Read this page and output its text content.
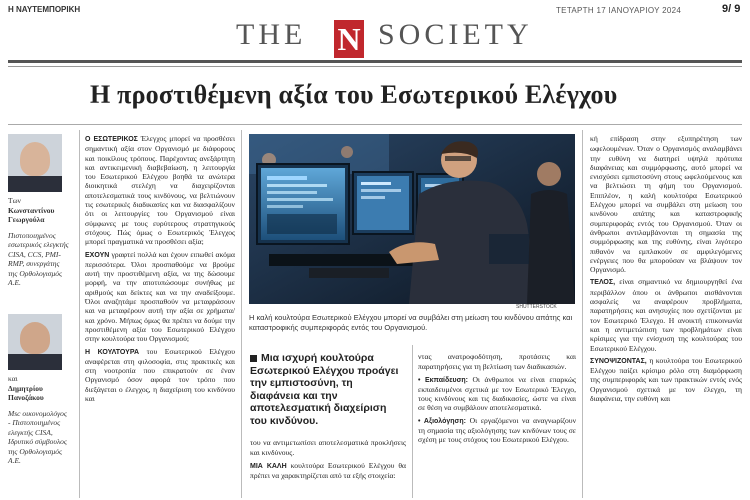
Η ΝΑΥΤΕΜΠΟΡΙΚΗ	ΤΕΤΑΡΤΗ 17 ΙΑΝΟΥΑΡΙΟΥ 2024	9/ 9
THE N SOCIETY
Η προστιθέμενη αξία του Εσωτερικού Ελέγχου
Των
Κωνσταντίνου Γεωργούλα
Πιστοποιημένος εσωτερικός ελεγκτής CISA, CCS, PMI-RMP, συνεργάτης της Ορθολογισμός Α.Ε.
και
Δημητρίου Πανοζάκου
Msc οικονομολόγος - Πιστοποιημένος ελεγκτής CISA, Ιδρυτικό σύμβουλος της Ορθολογισμός Α.Ε.

Ο ΕΣΩΤΕΡΙΚΟΣ Έλεγχος μπορεί να προσθέσει σημαντική αξία στον Οργανισμό με διάφορους και ποικίλους τρόπους. Παρέχοντας ανεξάρτητη και αντικειμενική διαβεβαίωση, η λειτουργία του Εσωτερικού Ελέγχου βοηθά τα ανώτερα διοικητικά στελέχη να διαχειρίζονται αποτελεσματικά τους κινδύνους, να βελτιώνουν τις εσωτερικές διαδικασίες και να διασφαλίζουν ότι οι λειτουργίες του Οργανισμού είναι σύμφωνες με τους ευρύτερους στρατηγικούς στόχους. Πώς όμως ο Εσωτερικός Έλεγχος μπορεί πραγματικά να προσθέσει αξία;

ΕΧΟΥΝ γραφτεί πολλά και έχουν ειπωθεί ακόμα περισσότερα. Όλοι προσπαθούμε να βρούμε αυτή την προστιθέμενη αξία, να της δώσουμε μορφή, να την αποτυπώσουμε συνήθως με αριθμούς και δείκτες και να την αναδείξουμε. Όλοι αναζητάμε προσπαθούν να μεταφράσουν και να μεταφέρουν αυτή την αξία σε χρήματα/και χρόνο. Μήπως όμως θα πρέπει να δούμε την προστιθέμενη αξία του Εσωτερικού Ελέγχου στην κουλτούρα του Οργανισμού;

Η ΚΟΥΛΤΟΥΡΑ του Εσωτερικού Ελέγχου αναφέρεται στη φιλοσοφία, στις πρακτικές και στη νοοτροπία που επικρατούν σε έναν Οργανισμό όσον αφορά τον τρόπο που διεξάγεται ο έλεγχος, η διαχείριση του κινδύνου και

SHUTTERSTOCK
Η καλή κουλτούρα Εσωτερικού Ελέγχου μπορεί να συμβάλει στη μείωση του κινδύνου απάτης και καταστροφικής συμπεριφοράς εντός του Οργανισμού.
Μια ισχυρή κουλτούρα Εσωτερικού Ελέγχου προάγει την εμπιστοσύνη, τη διαφάνεια και την αποτελεσματική διαχείριση του κινδύνου.

του να αντιμετωπίσει αποτελεσματικά προκλήσεις και κινδύνους.

ΜΙΑ ΚΑΛΗ κουλτούρα Εσωτερικού Ελέγχου θα πρέπει να χαρακτηρίζεται από τα εξής στοιχεία:

ντας ανατροφοδότηση, προτάσεις και παρατηρήσεις για τη βελτίωση των διαδικασιών.

• Εκπαίδευση: Οι άνθρωποι να είναι επαρκώς εκπαιδευμένοι σχετικά με τον Εσωτερικό Έλεγχο, τους κινδύνους και τις διαδικασίες, ώστε να είναι σε θέση να συμβάλουν αποτελεσματικά.

• Αξιολόγηση: Οι εργαζόμενοι να αναγνωρίζουν τη σημασία της αξιολόγησης των κινδύνων τους σε σχέση με τους στόχους του Εσωτερικού Ελέγχου.

κή επίδραση στην εξυπηρέτηση των ωφελουμένων. Όταν ο Οργανισμός αναλαμβάνει την ευθύνη να διατηρεί υψηλά πρότυπα διαφάνειας και συμμόρφωσης, αυτό μπορεί να ενισχύσει εμπιστοσύνη στους ωφελούμενους και να βελτιώσει τη φήμη του Οργανισμού. Επιπλέον, η καλή κουλτούρα Εσωτερικού Ελέγχου μπορεί να συμβάλει στη μείωση του κινδύνου απάτης και καταστροφικής συμπεριφοράς εντός του Οργανισμού. Όταν οι άνθρωποι αντιλαμβάνονται τη σημασία της συμμόρφωσης και της ευθύνης, είναι λιγότερο πιθανόν να εμπλακούν σε αμφιλεγόμενες ενέργειες που θα μπορούσαν να βλάψουν τον Οργανισμό.

ΤΕΛΟΣ, είναι σημαντικό να δημιουργηθεί ένα περιβάλλον όπου οι άνθρωποι αισθάνονται ασφαλείς να αναφέρουν προβλήματα, παρατηρήσεις και ανησυχίες που σχετίζονται με τον Εσωτερικό Έλεγχο. Η ανοικτή επικοινωνία και η αντιμετώπιση των προβλημάτων είναι κρίσιμες για την ενίσχυση της κουλτούρας του Εσωτερικού Ελέγχου.

ΣΥΝΟΨΙΖΟΝΤΑΣ, η κουλτούρα του Εσωτερικού Ελέγχου παίζει κρίσιμο ρόλο στη διαμόρφωση της συμπεριφοράς και των πρακτικών εντός ενός Οργανισμού σχετικά με τον έλεγχο, τη διαφάνεια, την ευθύνη και
